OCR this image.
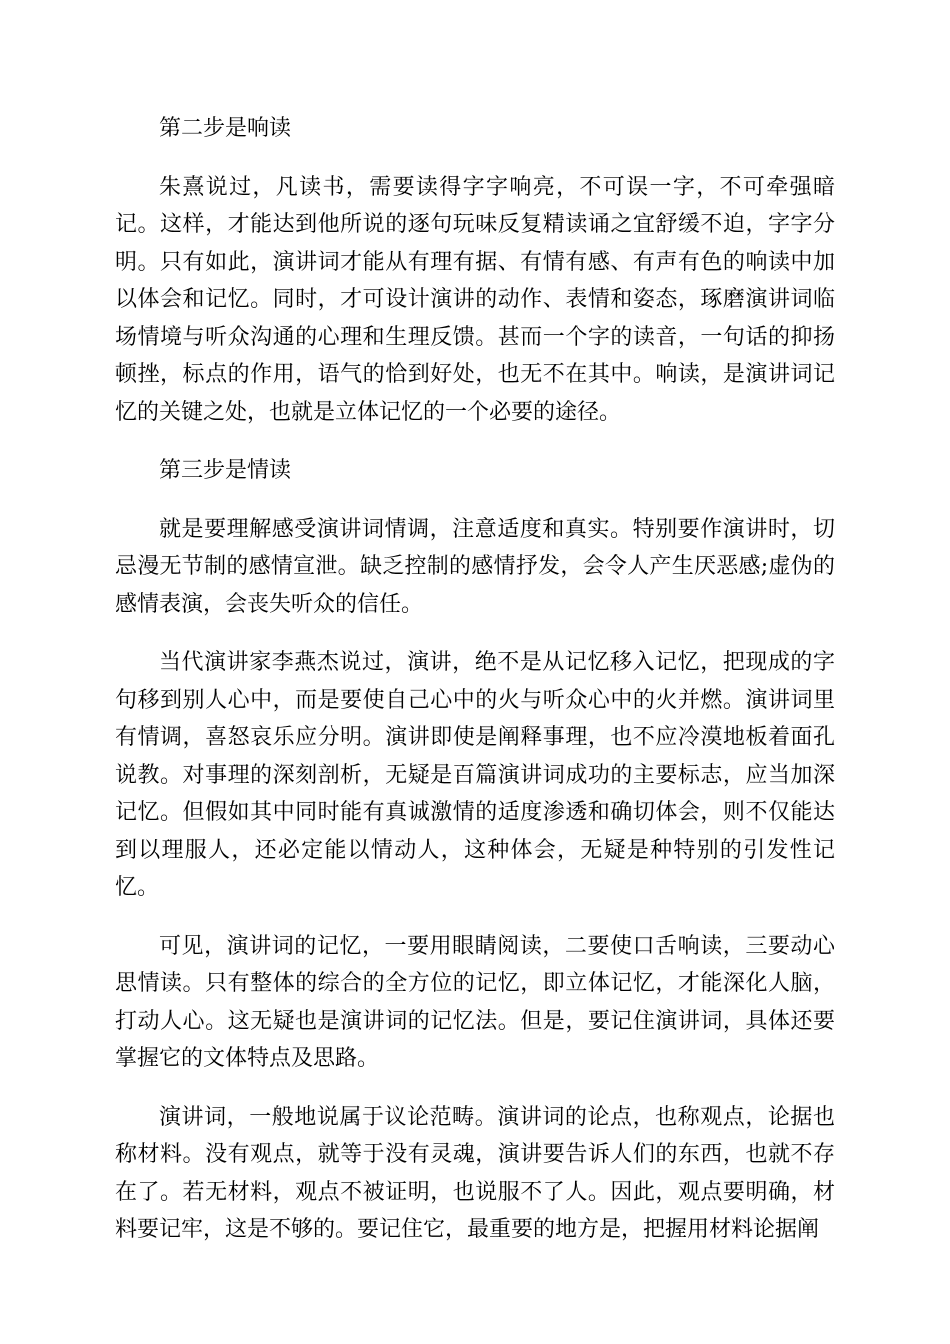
第二步是响读

朱熹说过，凡读书，需要读得字字响亮，不可误一字，不可牵强暗记。这样，才能达到他所说的逐句玩味反复精读诵之宜舒缓不迫，字字分明。只有如此，演讲词才能从有理有据、有情有感、有声有色的响读中加以体会和记忆。同时，才可设计演讲的动作、表情和姿态，琢磨演讲词临场情境与听众沟通的心理和生理反馈。甚而一个字的读音，一句话的抑扬顿挫，标点的作用，语气的恰到好处，也无不在其中。响读，是演讲词记忆的关键之处，也就是立体记忆的一个必要的途径。

第三步是情读

就是要理解感受演讲词情调，注意适度和真实。特别要作演讲时，切忌漫无节制的感情宣泄。缺乏控制的感情抒发，会令人产生厌恶感;虚伪的感情表演，会丧失听众的信任。

当代演讲家李燕杰说过，演讲，绝不是从记忆移入记忆，把现成的字句移到别人心中，而是要使自己心中的火与听众心中的火并燃。演讲词里有情调，喜怒哀乐应分明。演讲即使是阐释事理，也不应冷漠地板着面孔说教。对事理的深刻剖析，无疑是百篇演讲词成功的主要标志，应当加深记忆。但假如其中同时能有真诚激情的适度渗透和确切体会，则不仅能达到以理服人，还必定能以情动人，这种体会，无疑是种特别的引发性记忆。

可见，演讲词的记忆，一要用眼睛阅读，二要使口舌响读，三要动心思情读。只有整体的综合的全方位的记忆，即立体记忆，才能深化人脑，打动人心。这无疑也是演讲词的记忆法。但是，要记住演讲词，具体还要掌握它的文体特点及思路。

演讲词，一般地说属于议论范畴。演讲词的论点，也称观点，论据也称材料。没有观点，就等于没有灵魂，演讲要告诉人们的东西，也就不存在了。若无材料，观点不被证明，也说服不了人。因此，观点要明确，材料要记牢，这是不够的。要记住它，最重要的地方是，把握用材料论据阐
